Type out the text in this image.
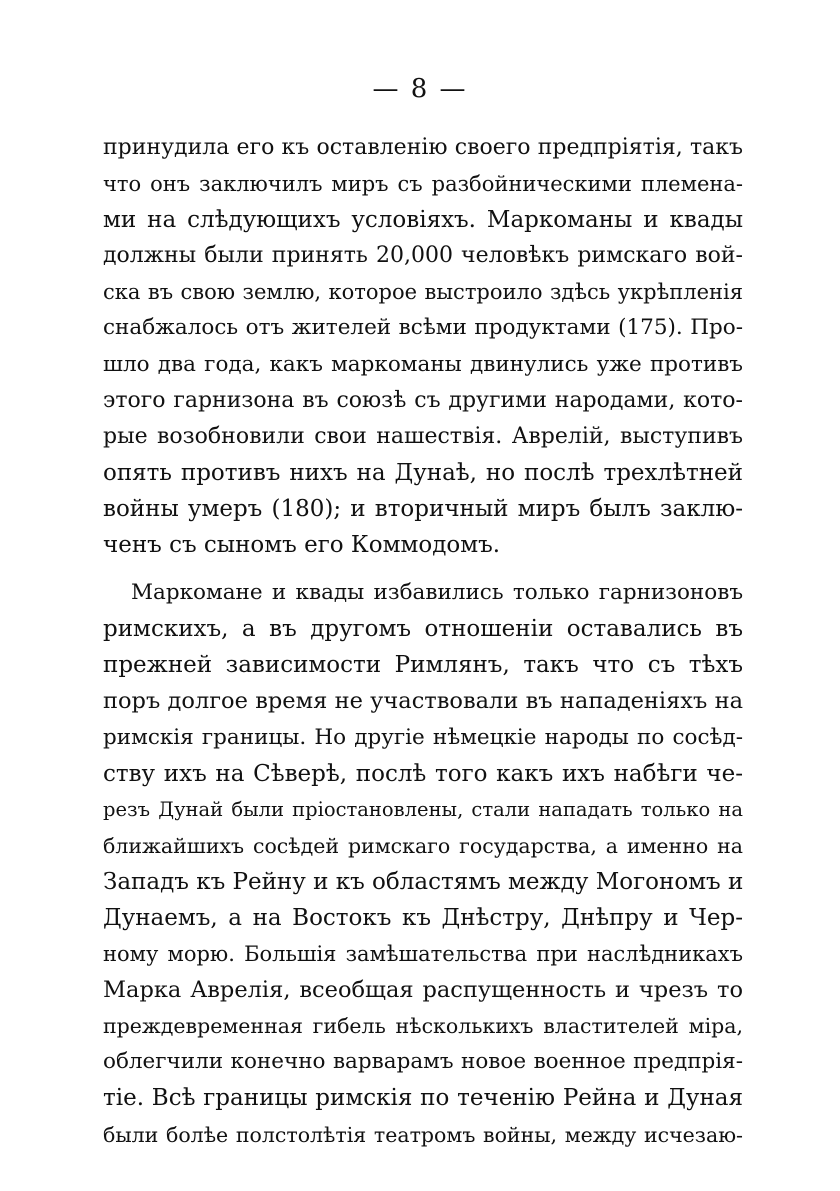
— 8 —
принудила его къ оставленію своего предпріятія, такъ
что онъ заключилъ миръ съ разбойническими племена-
ми на слѣдующихъ условіяхъ. Маркоманы и квады
должны были принять 20,000 человѣкъ римскаго вой-
ска въ свою землю, которое выстроило здѣсь укрѣпленія
снабжалось отъ жителей всѣми продуктами (175). Про-
шло два года, какъ маркоманы двинулись уже противъ
этого гарнизона въ союзѣ съ другими народами, кото-
рые возобновили свои нашествія. Аврелій, выступивъ
опять противъ нихъ на Дунаѣ, но послѣ трехлѣтней
войны умеръ (180); и вторичный миръ былъ заклю-
ченъ съ сыномъ его Коммодомъ.
Маркомане и квады избавились только гарнизоновъ
римскихъ, а въ другомъ отношеніи оставались въ
прежней зависимости Римлянъ, такъ что съ тѣхъ
поръ долгое время не участвовали въ нападеніяхъ на
римскія границы. Но другіе нѣмецкіе народы по сосѣд-
ству ихъ на Сѣверѣ, послѣ того какъ ихъ набѣги че-
резъ Дунай были пріостановлены, стали нападать только на
ближайшихъ сосѣдей римскаго государства, а именно на
Западъ къ Рейну и къ областямъ между Могономъ и
Дунаемъ, а на Востокъ къ Днѣстру, Днѣпру и Чер-
ному морю. Большія замѣшательства при наслѣдникахъ
Марка Аврелія, всеобщая распущенность и чрезъ то
преждевременная гибель нѣсколькихъ властителей міра,
облегчили конечно варварамъ новое военное предпрія-
тіе. Всѣ границы римскія по теченію Рейна и Дуная
были болѣе полстолѣтія театромъ войны, между исчезаю-
